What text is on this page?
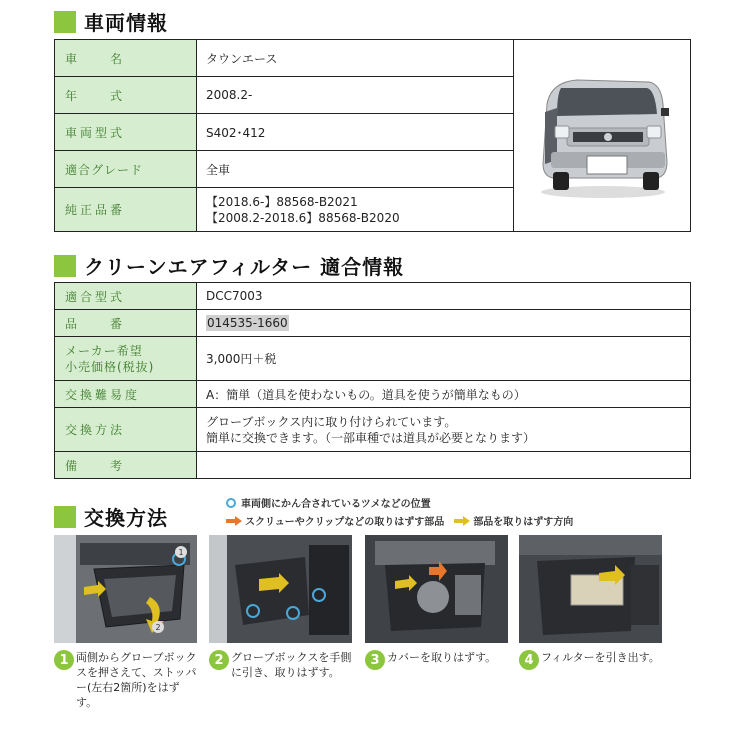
車両情報
車　　名	タウンエース	
年　　式	2008.2-	
車両型式	S402･412	
適合グレード	全車	
純正品番	【2018.6-】88568-B2021
【2008.2-2018.6】88568-B2020	
クリーンエアフィルター 適合情報
適合型式	DCC7003
品　　番	014535-1660

メーカー希望
小売価格(税抜)	3,000円＋税
交換難易度	A：簡単（道具を使わないもの。道具を使うが簡単なもの）
交換方法	グローブボックス内に取り付けられています。
簡単に交換できます。（一部車種では道具が必要となります）

備　　考	
交換方法
車両側にかん合されているツメなどの位置
スクリューやクリップなどの取りはずす部品	部品を取りはずす方向
1
2
1 両側からグローブボックスを押さえて、ストッパー(左右2箇所)をはずす。
2 グローブボックスを手側に引き、取りはずす。
3 カバーを取りはずす。	4 フィルターを引き出す。
